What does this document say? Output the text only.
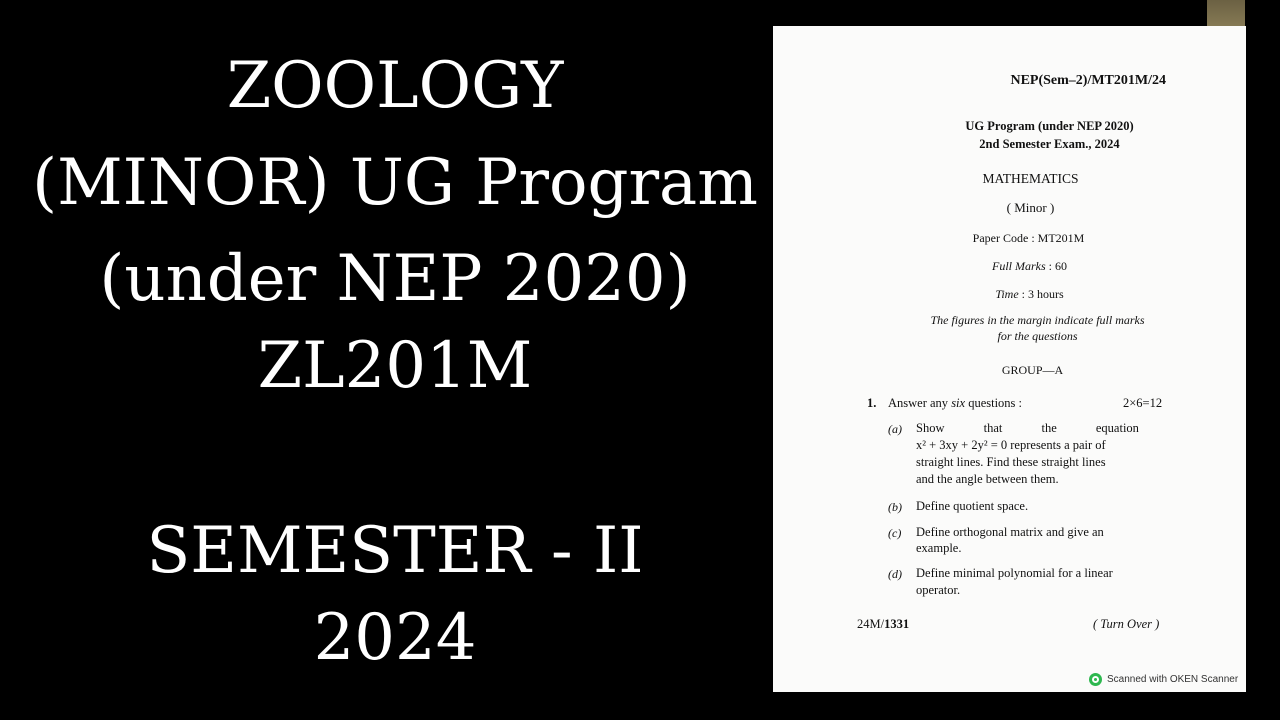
ZOOLOGY
(MINOR) UG Program
(under NEP 2020)
ZL201M
SEMESTER - II
2024
NEP(Sem–2)/MT201M/24
UG Program (under NEP 2020)
2nd Semester Exam., 2024
MATHEMATICS
( Minor )
Paper Code : MT201M
Full Marks : 60
Time : 3 hours
The figures in the margin indicate full marks
for the questions
GROUP—A
1. Answer any six questions :	2×6=12
(a) Show that the equation
x² + 3xy + 2y² = 0 represents a pair of
straight lines. Find these straight lines
and the angle between them.
(b) Define quotient space.
(c) Define orthogonal matrix and give an
example.
(d) Define minimal polynomial for a linear
operator.
24M/1331	( Turn Over )
Scanned with OKEN Scanner
